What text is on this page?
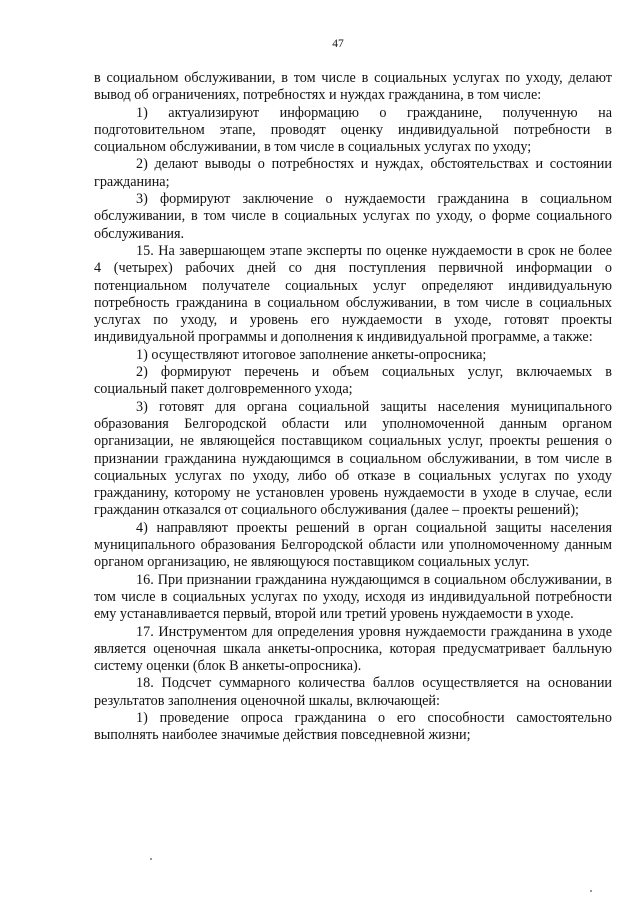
47

в социальном обслуживании, в том числе в социальных услугах по уходу, делают вывод об ограничениях, потребностях и нуждах гражданина, в том числе:

1) актуализируют информацию о гражданине, полученную на подготовительном этапе, проводят оценку индивидуальной потребности в социальном обслуживании, в том числе в социальных услугах по уходу;

2) делают выводы о потребностях и нуждах, обстоятельствах и состоянии гражданина;

3) формируют заключение о нуждаемости гражданина в социальном обслуживании, в том числе в социальных услугах по уходу, о форме социального обслуживания.

15. На завершающем этапе эксперты по оценке нуждаемости в срок не более 4 (четырех) рабочих дней со дня поступления первичной информации о потенциальном получателе социальных услуг определяют индивидуальную потребность гражданина в социальном обслуживании, в том числе в социальных услугах по уходу, и уровень его нуждаемости в уходе, готовят проекты индивидуальной программы и дополнения к индивидуальной программе, а также:

1) осуществляют итоговое заполнение анкеты-опросника;

2) формируют перечень и объем социальных услуг, включаемых в социальный пакет долговременного ухода;

3) готовят для органа социальной защиты населения муниципального образования Белгородской области или уполномоченной данным органом организации, не являющейся поставщиком социальных услуг, проекты решения о признании гражданина нуждающимся в социальном обслуживании, в том числе в социальных услугах по уходу, либо об отказе в социальных услугах по уходу гражданину, которому не установлен уровень нуждаемости в уходе в случае, если гражданин отказался от социального обслуживания (далее – проекты решений);

4) направляют проекты решений в орган социальной защиты населения муниципального образования Белгородской области или уполномоченному данным органом организацию, не являющуюся поставщиком социальных услуг.

16. При признании гражданина нуждающимся в социальном обслуживании, в том числе в социальных услугах по уходу, исходя из индивидуальной потребности ему устанавливается первый, второй или третий уровень нуждаемости в уходе.

17. Инструментом для определения уровня нуждаемости гражданина в уходе является оценочная шкала анкеты-опросника, которая предусматривает балльную систему оценки (блок В анкеты-опросника).

18. Подсчет суммарного количества баллов осуществляется на основании результатов заполнения оценочной шкалы, включающей:

1) проведение опроса гражданина о его способности самостоятельно выполнять наиболее значимые действия повседневной жизни;
